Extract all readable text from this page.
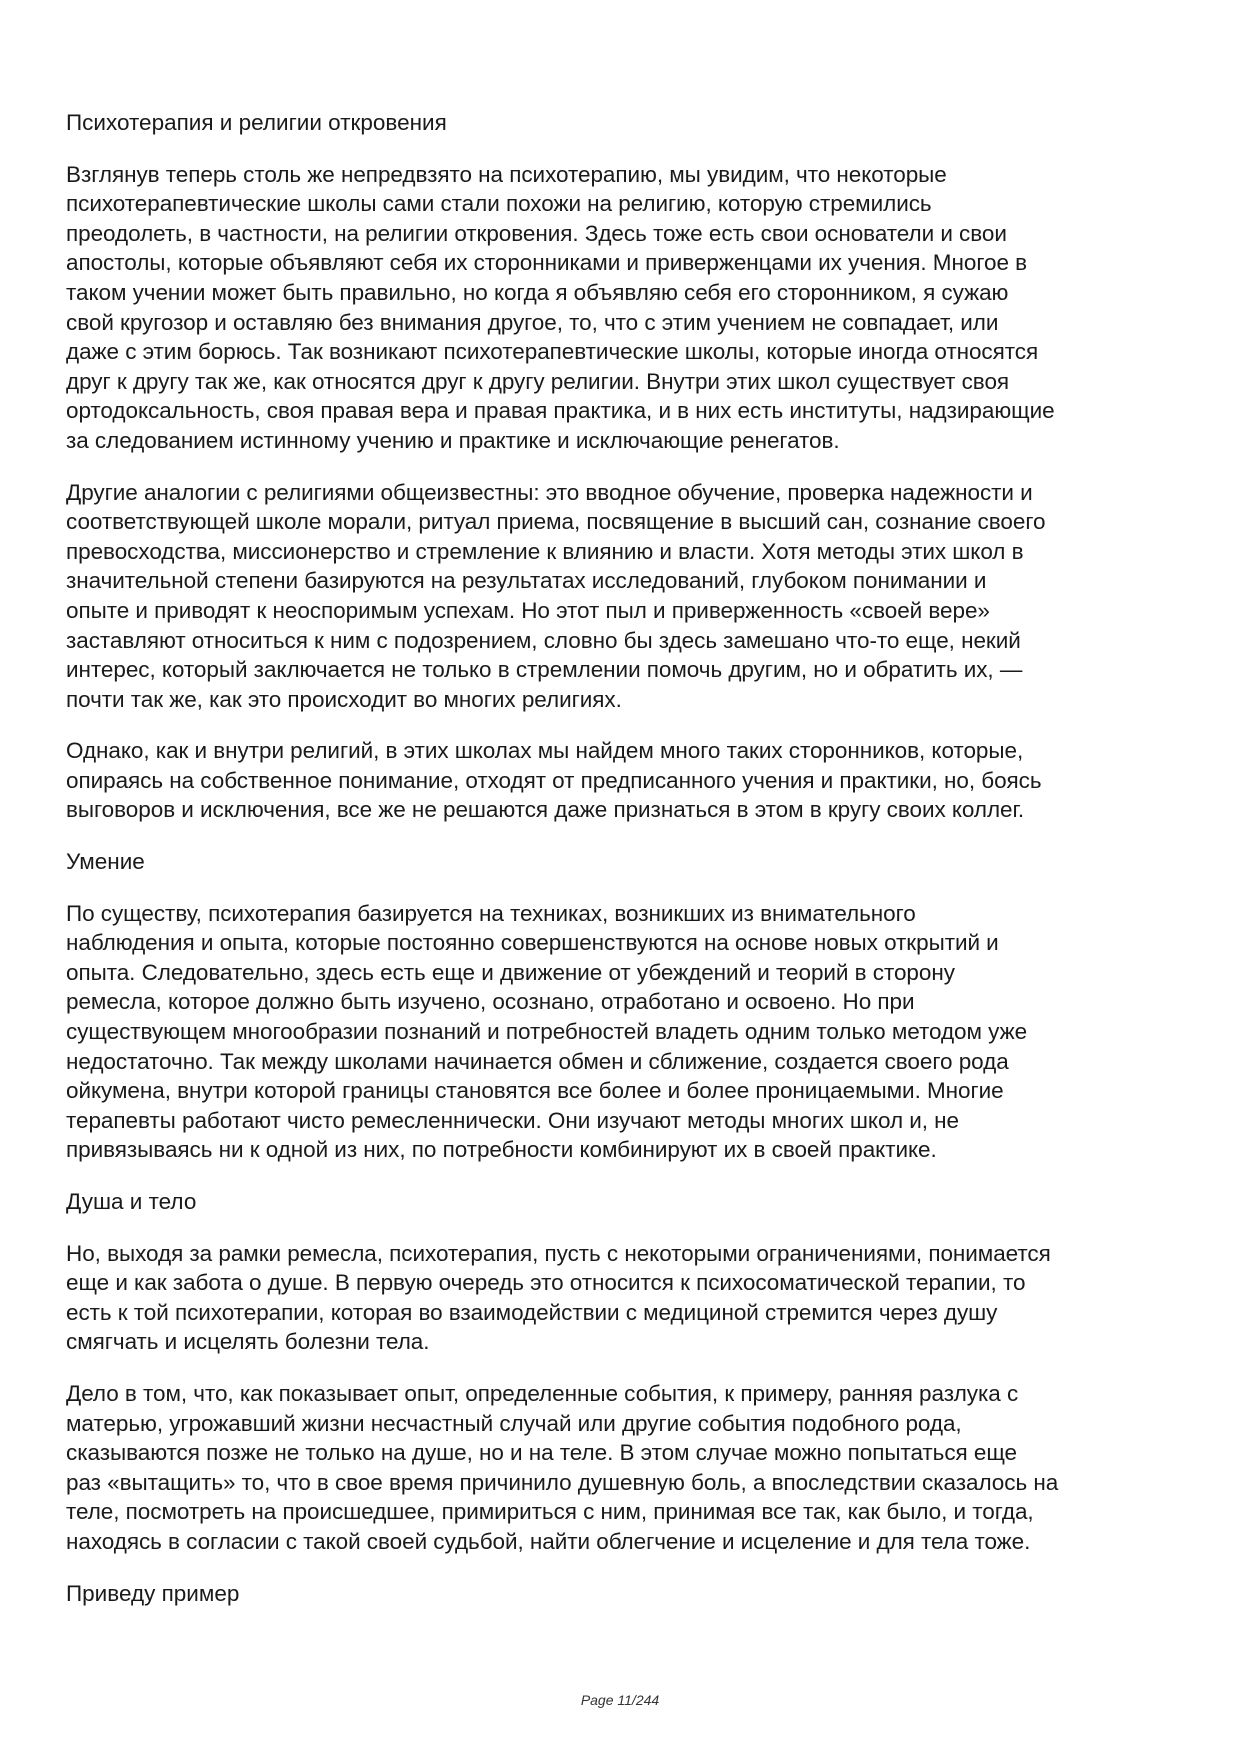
Психотерапия и религии откровения

Взглянув теперь столь же непредвзято на психотерапию, мы увидим, что некоторые
психотерапевтические школы сами стали похожи на религию, которую стремились
преодолеть, в частности, на религии откровения. Здесь тоже есть свои основатели и свои
апостолы, которые объявляют себя их сторонниками и приверженцами их учения. Многое в
таком учении может быть правильно, но когда я объявляю себя его сторонником, я сужаю
свой кругозор и оставляю без внимания другое, то, что с этим учением не совпадает, или
даже с этим борюсь. Так возникают психотерапевтические школы, которые иногда относятся
друг к другу так же, как относятся друг к другу религии. Внутри этих школ существует своя
ортодоксальность, своя правая вера и правая практика, и в них есть институты, надзирающие
за следованием истинному учению и практике и исключающие ренегатов.

Другие аналогии с религиями общеизвестны: это вводное обучение, проверка надежности и
соответствующей школе морали, ритуал приема, посвящение в высший сан, сознание своего
превосходства, миссионерство и стремление к влиянию и власти. Хотя методы этих школ в
значительной степени базируются на результатах исследований, глубоком понимании и
опыте и приводят к неоспоримым успехам. Но этот пыл и приверженность «своей вере»
заставляют относиться к ним с подозрением, словно бы здесь замешано что-то еще, некий
интерес, который заключается не только в стремлении помочь другим, но и обратить их, —
почти так же, как это происходит во многих религиях.

Однако, как и внутри религий, в этих школах мы найдем много таких сторонников, которые,
опираясь на собственное понимание, отходят от предписанного учения и практики, но, боясь
выговоров и исключения, все же не решаются даже признаться в этом в кругу своих коллег.

Умение

По существу, психотерапия базируется на техниках, возникших из внимательного
наблюдения и опыта, которые постоянно совершенствуются на основе новых открытий и
опыта. Следовательно, здесь есть еще и движение от убеждений и теорий в сторону
ремесла, которое должно быть изучено, осознано, отработано и освоено. Но при
существующем многообразии познаний и потребностей владеть одним только методом уже
недостаточно. Так между школами начинается обмен и сближение, создается своего рода
ойкумена, внутри которой границы становятся все более и более проницаемыми. Многие
терапевты работают чисто ремесленнически. Они изучают методы многих школ и, не
привязываясь ни к одной из них, по потребности комбинируют их в своей практике.

Душа и тело

Но, выходя за рамки ремесла, психотерапия, пусть с некоторыми ограничениями, понимается
еще и как забота о душе. В первую очередь это относится к психосоматической терапии, то
есть к той психотерапии, которая во взаимодействии с медициной стремится через душу
смягчать и исцелять болезни тела.

Дело в том, что, как показывает опыт, определенные события, к примеру, ранняя разлука с
матерью, угрожавший жизни несчастный случай или другие события подобного рода,
сказываются позже не только на душе, но и на теле. В этом случае можно попытаться еще
раз «вытащить» то, что в свое время причинило душевную боль, а впоследствии сказалось на
теле, посмотреть на происшедшее, примириться с ним, принимая все так, как было, и тогда,
находясь в согласии с такой своей судьбой, найти облегчение и исцеление и для тела тоже.

Приведу пример
Page 11/244
